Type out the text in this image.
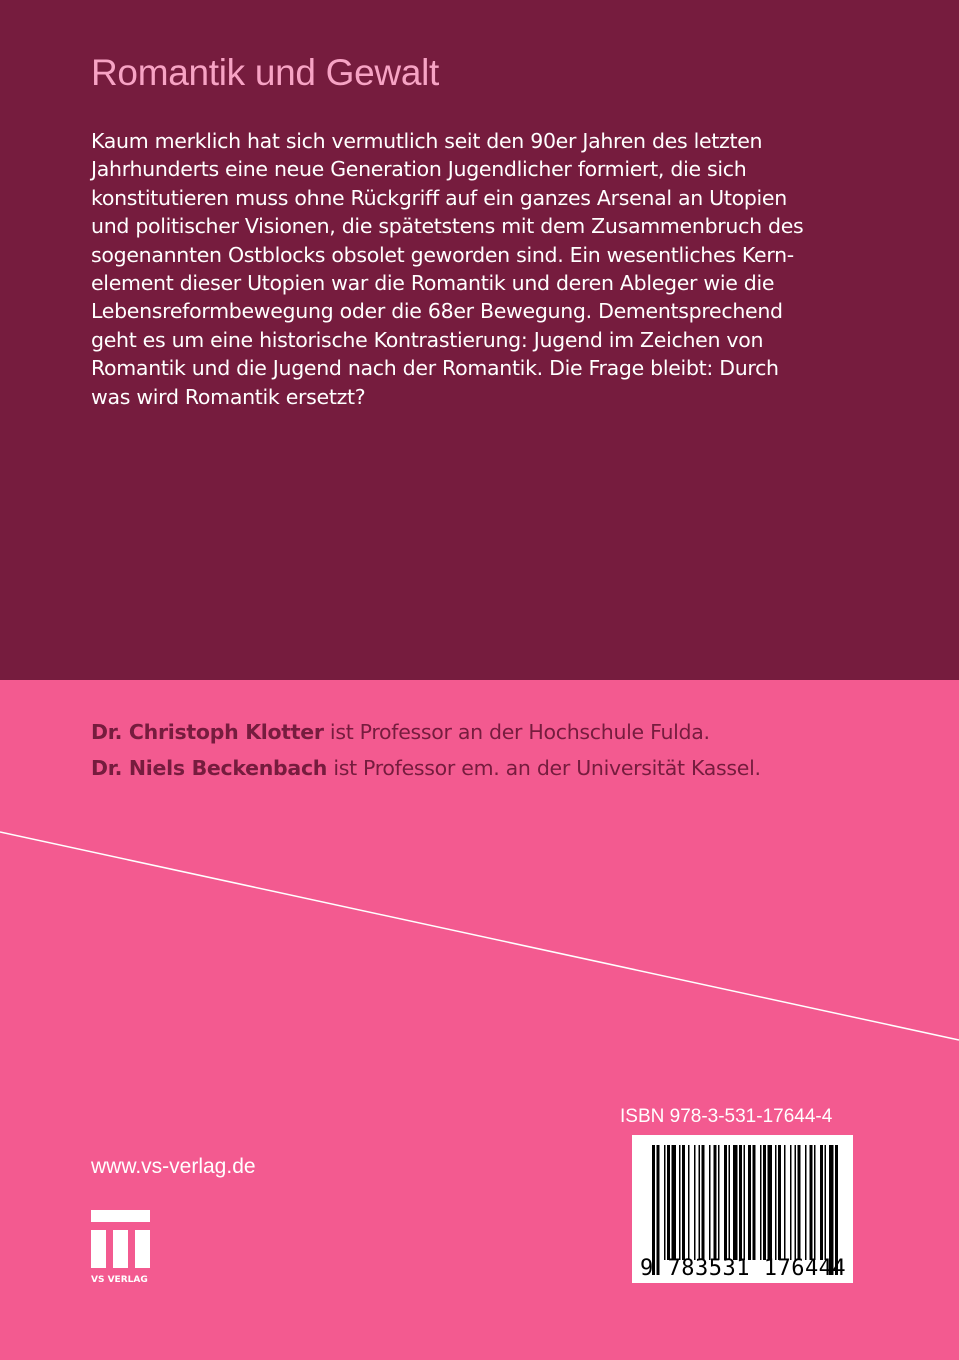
Romantik und Gewalt
Kaum merklich hat sich vermutlich seit den 90er Jahren des letzten
Jahrhunderts eine neue Generation Jugendlicher formiert, die sich
konstitutieren muss ohne Rückgriff auf ein ganzes Arsenal an Utopien
und politischer Visionen, die spätetstens mit dem Zusammenbruch des
sogenannten Ostblocks obsolet geworden sind. Ein wesentliches Kern-
element dieser Utopien war die Romantik und deren Ableger wie die
Lebensreformbewegung oder die 68er Bewegung. Dementsprechend
geht es um eine historische Kontrastierung: Jugend im Zeichen von
Romantik und die Jugend nach der Romantik. Die Frage bleibt: Durch
was wird Romantik ersetzt?

Dr. Christoph Klotter ist Professor an der Hochschule Fulda.

Dr. Niels Beckenbach ist Professor em. an der Universität Kassel.

www.vs-verlag.de
VS VERLAG
ISBN 978-3-531-17644-4
9 783531 176444
